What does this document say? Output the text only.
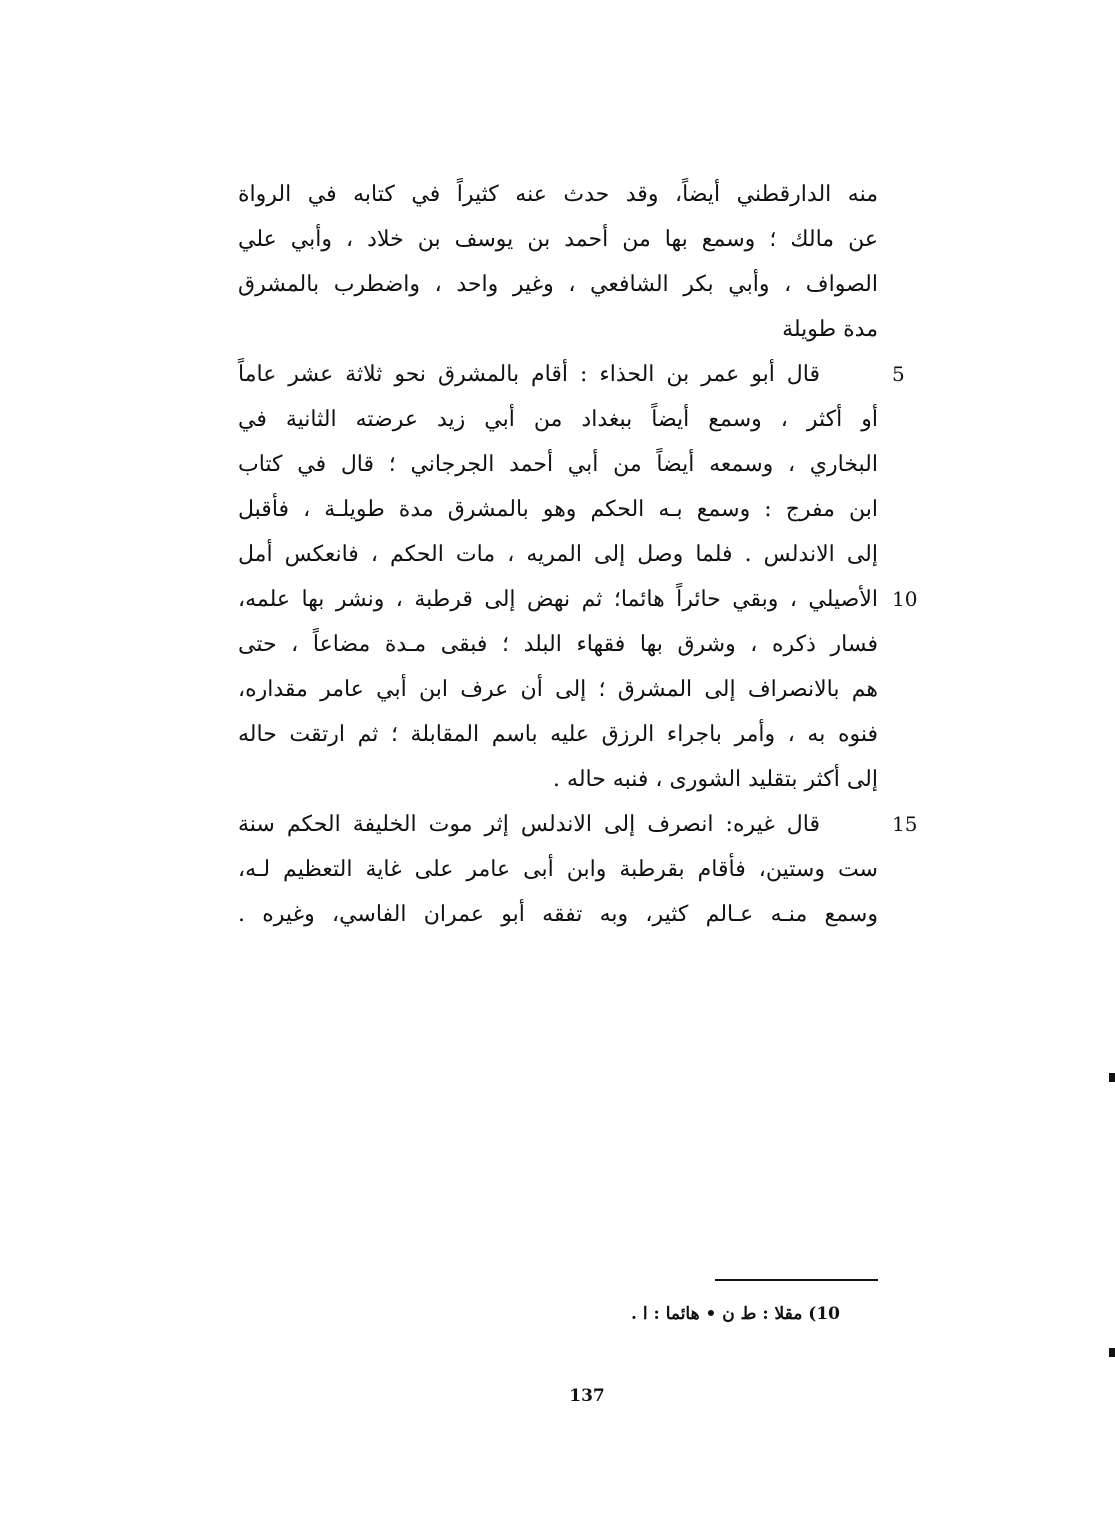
منه الدارقطني أيضاً، وقد حدث عنه كثيراً في كتابه في الرواة
عن مالك ؛ وسمع بها من أحمد بن يوسف بن خلاد ، وأبي علي
الصواف ، وأبي بكر الشافعي ، وغير واحد ، واضطرب بالمشرق
مدة طويلة
5
قال أبو عمر بن الحذاء : أقام بالمشرق نحو ثلاثة عشر عاماً
أو أكثر ، وسمع أيضاً ببغداد من أبي زيد عرضته الثانية في
البخاري ، وسمعه أيضاً من أبي أحمد الجرجاني ؛ قال في كتاب
ابن مفرج : وسمع بـه الحكم وهو بالمشرق مدة طويلـة ، فأقبل
إلى الاندلس . فلما وصل إلى المريه ، مات الحكم ، فانعكس أمل
10
الأصيلي ، وبقي حائراً هائما؛ ثم نهض إلى قرطبة ، ونشر بها علمه،
فسار ذكره ، وشرق بها فقهاء البلد ؛ فبقى مـدة مضاعاً ، حتى
هم بالانصراف إلى المشرق ؛ إلى أن عرف ابن أبي عامر مقداره،
فنوه به ، وأمر باجراء الرزق عليه باسم المقابلة ؛ ثم ارتقت حاله
إلى أكثر بتقليد الشورى ، فنبه حاله .
15
قال غيره: انصرف إلى الاندلس إثر موت الخليفة الحكم سنة
ست وستين، فأقام بقرطبة وابن أبى عامر على غاية التعظيم لـه،
وسمع منـه عـالم كثير، وبه تفقه أبو عمران الفاسي، وغيره .
10) مقلا : ط ن • هائما : ا .
137
